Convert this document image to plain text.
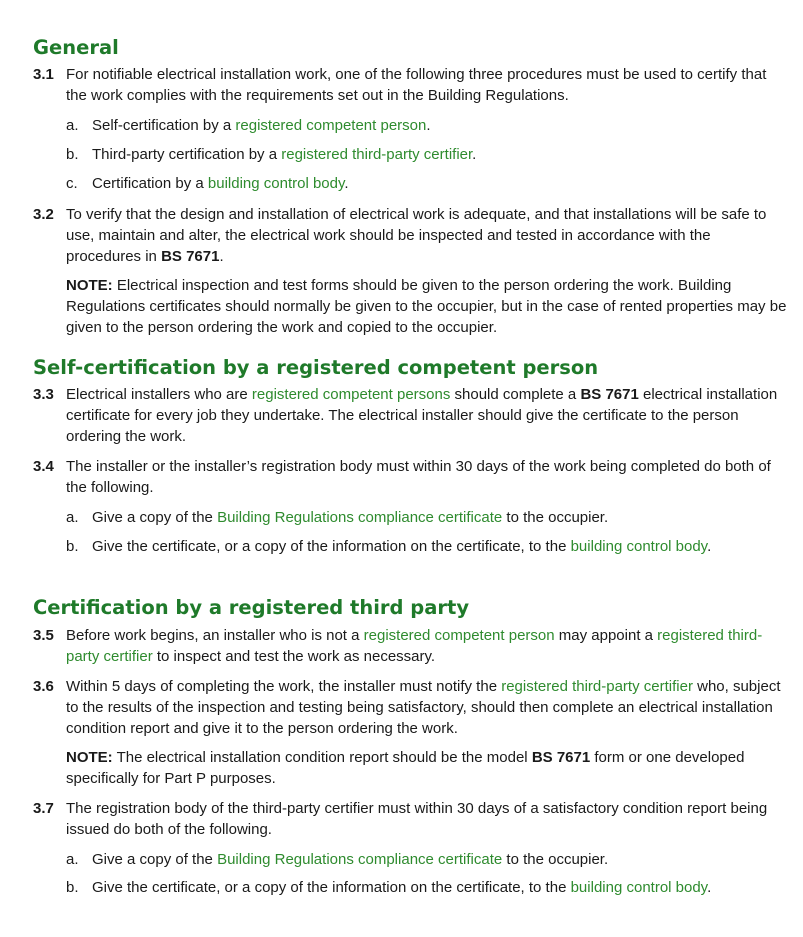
General
3.1 For notifiable electrical installation work, one of the following three procedures must be used to certify that the work complies with the requirements set out in the Building Regulations.

a. Self-certification by a registered competent person.
b. Third-party certification by a registered third-party certifier.
c. Certification by a building control body.
3.2 To verify that the design and installation of electrical work is adequate, and that installations will be safe to use, maintain and alter, the electrical work should be inspected and tested in accordance with the procedures in BS 7671.

NOTE: Electrical inspection and test forms should be given to the person ordering the work. Building Regulations certificates should normally be given to the occupier, but in the case of rented properties may be given to the person ordering the work and copied to the occupier.

Self-certification by a registered competent person
3.3 Electrical installers who are registered competent persons should complete a BS 7671 electrical installation certificate for every job they undertake. The electrical installer should give the certificate to the person ordering the work.

3.4 The installer or the installer’s registration body must within 30 days of the work being completed do both of the following.

a. Give a copy of the Building Regulations compliance certificate to the occupier.
b. Give the certificate, or a copy of the information on the certificate, to the building control body.
Certification by a registered third party
3.5 Before work begins, an installer who is not a registered competent person may appoint a registered third-party certifier to inspect and test the work as necessary.

3.6 Within 5 days of completing the work, the installer must notify the registered third-party certifier who, subject to the results of the inspection and testing being satisfactory, should then complete an electrical installation condition report and give it to the person ordering the work.

NOTE: The electrical installation condition report should be the model BS 7671 form or one developed specifically for Part P purposes.

3.7 The registration body of the third-party certifier must within 30 days of a satisfactory condition report being issued do both of the following.

a. Give a copy of the Building Regulations compliance certificate to the occupier.
b. Give the certificate, or a copy of the information on the certificate, to the building control body.
